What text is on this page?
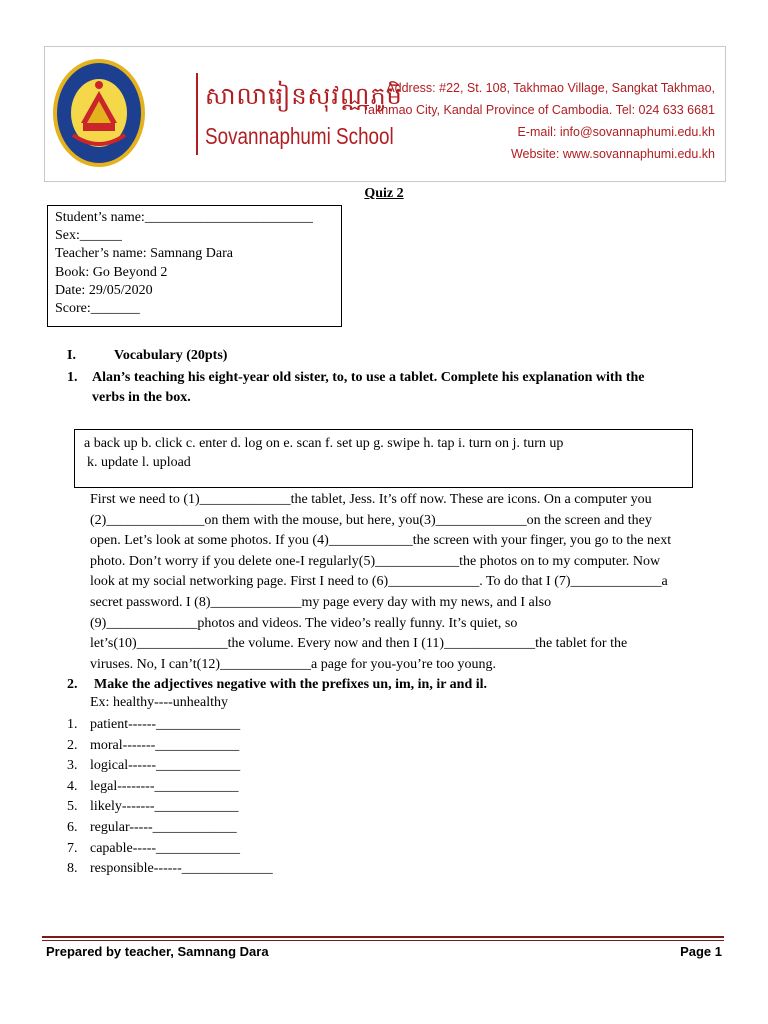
សាលារៀនសុវណ្ណភូមិ
Sovannaphumi School
Address: #22, St. 108, Takhmao Village, Sangkat Takhmao,
Takhmao City, Kandal Province of Cambodia. Tel: 024 633 6681
E-mail: info@sovannaphumi.edu.kh
Website: www.sovannaphumi.edu.kh
Quiz 2
Student’s name:________________________
Sex:______
Teacher’s name: Samnang Dara
Book: Go Beyond 2
Date: 29/05/2020
Score:_______
I.	Vocabulary (20pts)
1. Alan’s teaching his eight-year old sister, to, to use a tablet. Complete his explanation with the
verbs in the box.
a back up b. click c. enter d. log on e. scan f. set up g. swipe h. tap i. turn on j. turn up
k. update l. upload
First we need to (1)_____________the tablet, Jess. It’s off now. These are icons. On a computer you
(2)______________on them with the mouse, but here, you(3)_____________on the screen and they
open. Let’s look at some photos. If you (4)____________the screen with your finger, you go to the next
photo. Don’t worry if you delete one-I regularly(5)____________the photos on to my computer. Now
look at my social networking page. First I need to (6)_____________. To do that I (7)_____________a
secret password. I (8)_____________my page every day with my news, and I also
(9)_____________photos and videos. The video’s really funny. It’s quiet, so
let’s(10)_____________the volume. Every now and then I (11)_____________the tablet for the
viruses. No, I can’t(12)_____________a page for you-you’re too young.
2. Make the adjectives negative with the prefixes un, im, in, ir and il.
Ex: healthy----unhealthy
1. patient------____________
2. moral-------____________
3. logical------____________
4. legal--------____________
5. likely-------____________
6. regular-----____________
7. capable-----____________
8. responsible------_____________
Prepared by teacher, Samnang Dara	Page 1
